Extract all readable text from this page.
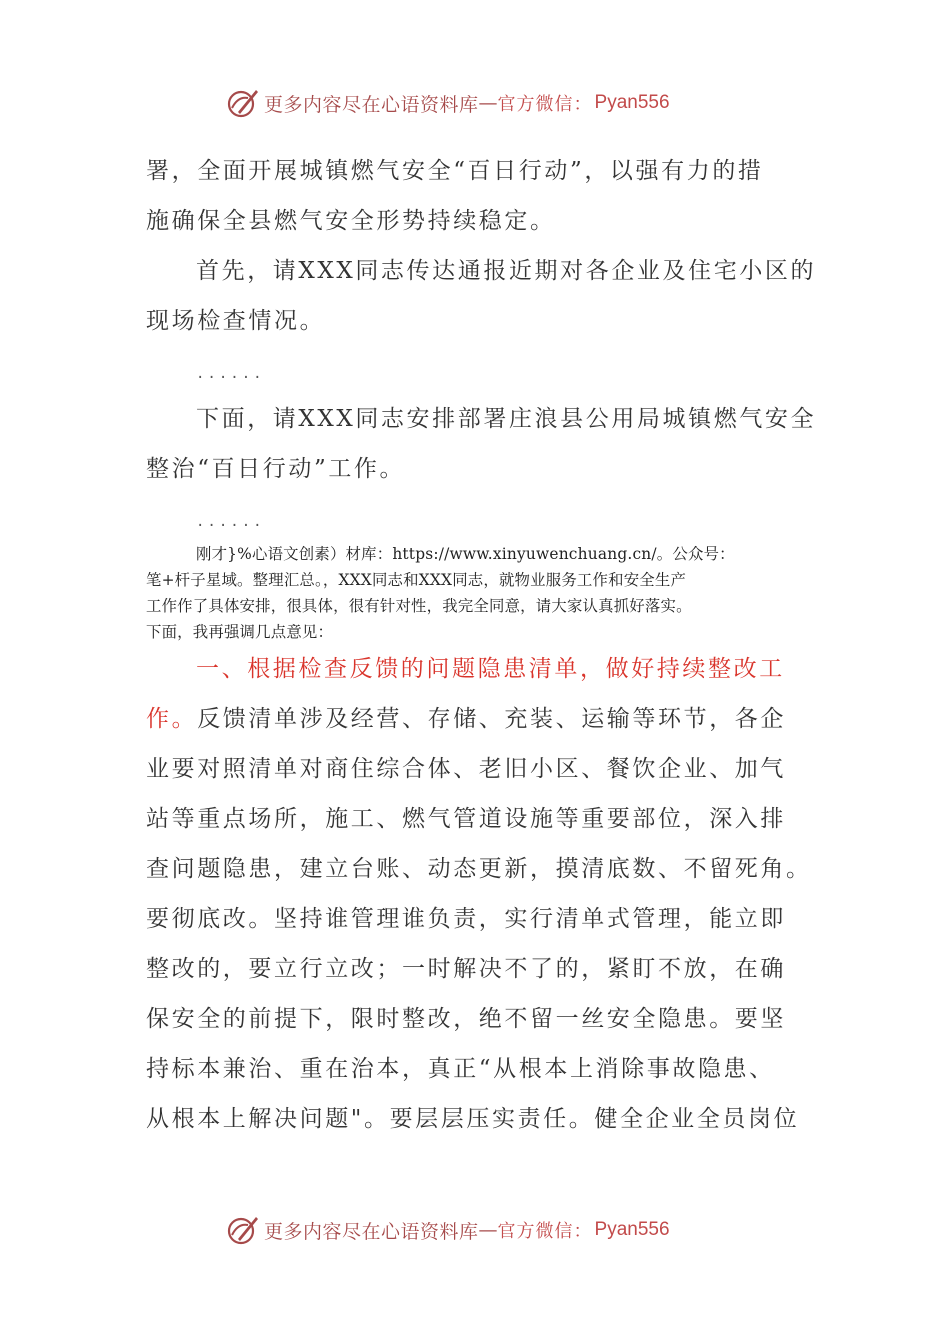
更多内容尽在心语资料库 — 官方微信： Pyan556

署，全面开展城镇燃气安全“百日行动”，以强有力的措

施确保全县燃气安全形势持续稳定。

首先，请XXX同志传达通报近期对各企业及住宅小区的

现场检查情况。

......

下面，请XXX同志安排部署庄浪县公用局城镇燃气安全

整治“百日行动”工作。

......

刚才}%心语文创素）材库：https://www.xinyuwenchuang.cn/。公众号：

笔+杆子星域。整理汇总。，XXX同志和XXX同志，就物业服务工作和安全生产

工作作了具体安排，很具体，很有针对性，我完全同意，请大家认真抓好落实。

下面，我再强调几点意见：

一、根据检查反馈的问题隐患清单，做好持续整改工

作。反馈清单涉及经营、存储、充装、运输等环节，各企

业要对照清单对商住综合体、老旧小区、餐饮企业、加气

站等重点场所，施工、燃气管道设施等重要部位，深入排

查问题隐患，建立台账、动态更新，摸清底数、不留死角。

要彻底改。坚持谁管理谁负责，实行清单式管理，能立即

整改的，要立行立改；一时解决不了的，紧盯不放，在确

保安全的前提下，限时整改，绝不留一丝安全隐患。要坚

持标本兼治、重在治本，真正“从根本上消除事故隐患、

从根本上解决问题"。要层层压实责任。健全企业全员岗位

更多内容尽在心语资料库 — 官方微信： Pyan556
